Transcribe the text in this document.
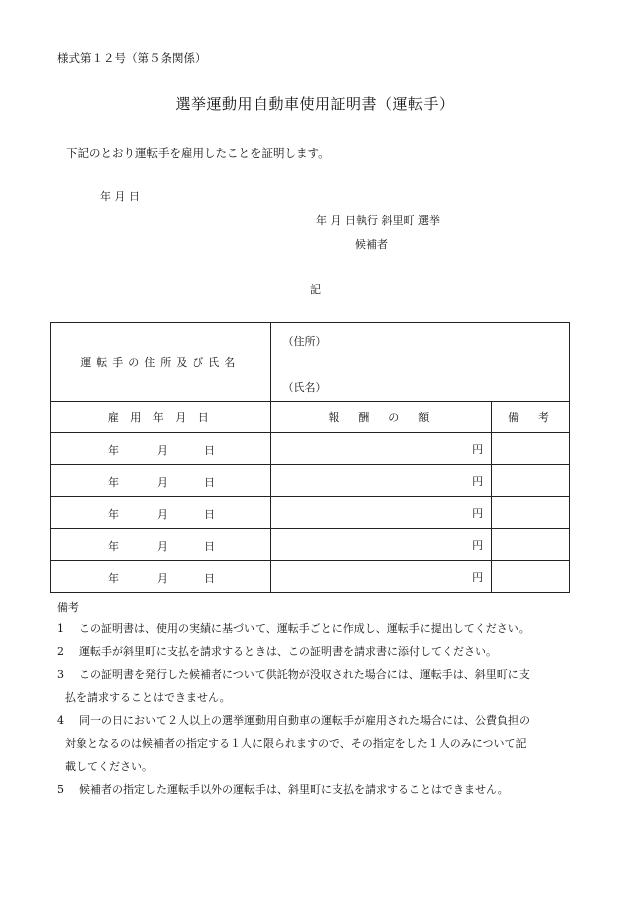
様式第１２号（第５条関係）
選挙運動用自動車使用証明書（運転手）
下記のとおり運転手を雇用したことを証明します。
年 月 日
年 月 日執行 斜里町 選挙
候補者
記
運転手の住所及び氏名	（住所）
（氏名）	

雇 用 年 月 日	報　酬　の　額	備　考

年 月 日	円	

年 月 日	円	

年 月 日	円	

年 月 日	円	

年 月 日	円	
備考
1 この証明書は、使用の実績に基づいて、運転手ごとに作成し、運転手に提出してください。
2 運転手が斜里町に支払を請求するときは、この証明書を請求書に添付してください。
3 この証明書を発行した候補者について供託物が没収された場合には、運転手は、斜里町に支
払を請求することはできません。
4 同一の日において２人以上の選挙運動用自動車の運転手が雇用された場合には、公費負担の
対象となるのは候補者の指定する１人に限られますので、その指定をした１人のみについて記
載してください。
5 候補者の指定した運転手以外の運転手は、斜里町に支払を請求することはできません。
